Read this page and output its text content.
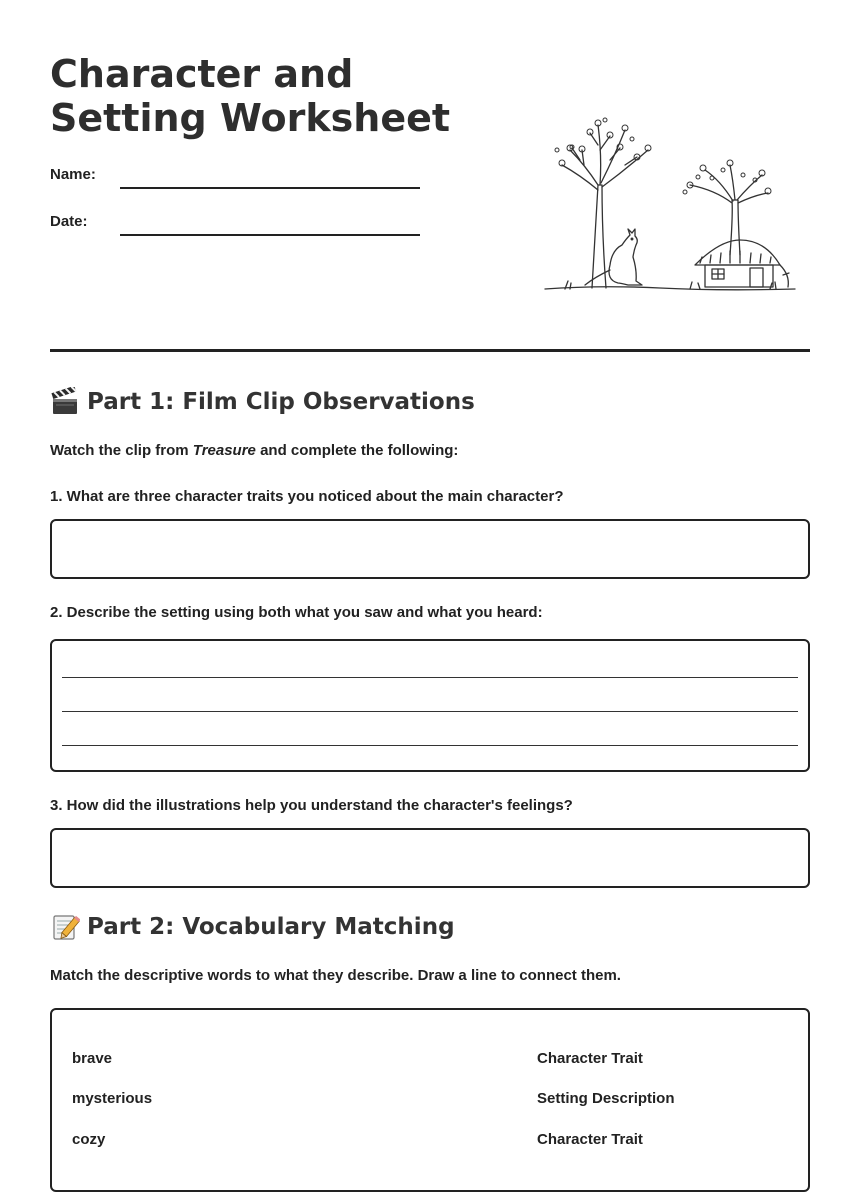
Character and Setting Worksheet
Name:
Date:
Part 1: Film Clip Observations
Watch the clip from Treasure and complete the following:
1. What are three character traits you noticed about the main character?
2. Describe the setting using both what you saw and what you heard:
3. How did the illustrations help you understand the character's feelings?
Part 2: Vocabulary Matching
Match the descriptive words to what they describe. Draw a line to connect them.
brave
mysterious
cozy
Character Trait
Setting Description
Character Trait
